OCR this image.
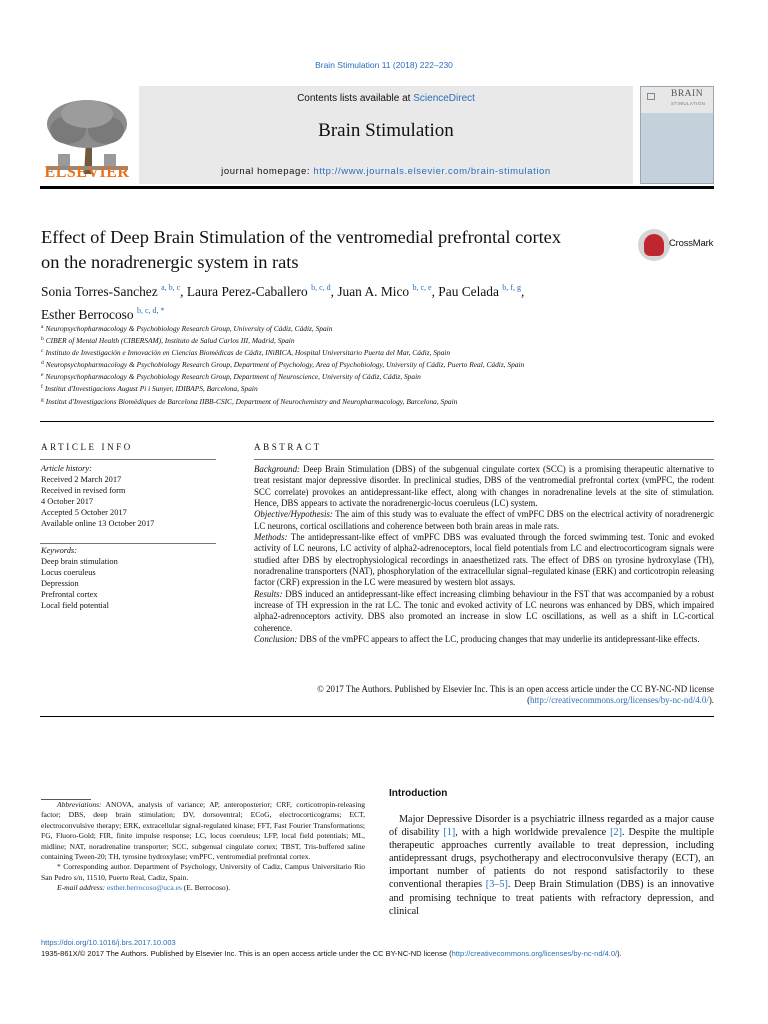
Brain Stimulation 11 (2018) 222–230
ELSEVIER
Contents lists available at ScienceDirect
Brain Stimulation
journal homepage: http://www.journals.elsevier.com/brain-stimulation
BRAIN
STIMULATION
Effect of Deep Brain Stimulation of the ventromedial prefrontal cortex
on the noradrenergic system in rats
CrossMark
Sonia Torres-Sanchez $^{a, b, c}$, Laura Perez-Caballero $^{b, c, d}$, Juan A. Mico $^{b, c, e}$, Pau Celada $^{b, f, g}$,
Esther Berrocoso $^{b, c, d, *}$
$^a$ Neuropsychopharmacology & Psychobiology Research Group, University of Cádiz, Cádiz, Spain
$^b$ CIBER of Mental Health (CIBERSAM), Instituto de Salud Carlos III, Madrid, Spain
$^c$ Instituto de Investigación e Innovación en Ciencias Biomédicas de Cádiz, INiBICA, Hospital Universitario Puerta del Mar, Cádiz, Spain
$^d$ Neuropsychopharmacology & Psychobiology Research Group, Department of Psychology, Area of Psychobiology, University of Cádiz, Puerto Real, Cádiz, Spain
$^e$ Neuropsychopharmacology & Psychobiology Research Group, Department of Neuroscience, University of Cádiz, Cádiz, Spain
$^f$ Institut d'Investigacions August Pi i Sunyer, IDIBAPS, Barcelona, Spain
$^g$ Institut d'Investigacions Biomèdiques de Barcelona IIBB-CSIC, Department of Neurochemistry and Neuropharmacology, Barcelona, Spain
ARTICLE INFO
Article history:
Received 2 March 2017
Received in revised form
4 October 2017
Accepted 5 October 2017
Available online 13 October 2017
Keywords:
Deep brain stimulation
Locus coeruleus
Depression
Prefrontal cortex
Local field potential
ABSTRACT

Background: Deep Brain Stimulation (DBS) of the subgenual cingulate cortex (SCC) is a promising therapeutic alternative to treat resistant major depressive disorder. In preclinical studies, DBS of the ventromedial prefrontal cortex (vmPFC, the rodent SCC correlate) provokes an antidepressant-like effect, along with changes in noradrenaline levels at the site of stimulation. Hence, DBS appears to activate the noradrenergic-locus coeruleus (LC) system.

Objective/Hypothesis: The aim of this study was to evaluate the effect of vmPFC DBS on the electrical activity of noradrenergic LC neurons, cortical oscillations and coherence between both brain areas in male rats.

Methods: The antidepressant-like effect of vmPFC DBS was evaluated through the forced swimming test. Tonic and evoked activity of LC neurons, LC activity of alpha2-adrenoceptors, local field potentials from LC and electrocorticogram signals were studied after DBS by electrophysiological recordings in anaesthetized rats. The effect of DBS on tyrosine hydroxylase (TH), noradrenaline transporters (NAT), phosphorylation of the extracellular signal–regulated kinase (ERK) and corticotropin releasing factor (CRF) expression in the LC were measured by western blot assays.

Results: DBS induced an antidepressant-like effect increasing climbing behaviour in the FST that was accompanied by a robust increase of TH expression in the rat LC. The tonic and evoked activity of LC neurons was enhanced by DBS, which impaired alpha2-adrenoceptors activity. DBS also promoted an increase in slow LC oscillations, as well as a shift in LC-cortical coherence.

Conclusion: DBS of the vmPFC appears to affect the LC, producing changes that may underlie its antidepressant-like effects.

© 2017 The Authors. Published by Elsevier Inc. This is an open access article under the CC BY-NC-ND license (http://creativecommons.org/licenses/by-nc-nd/4.0/).

Abbreviations: ANOVA, analysis of variance; AP, anteroposterior; CRF, corticotropin-releasing factor; DBS, deep brain stimulation; DV, dorsoventral; ECoG, electrocorticograms; ECT, electroconvulsive therapy; ERK, extracellular signal-regulated kinase; FFT, Fast Fourier Transformations; FG, Fluoro-Gold; FIR, finite impulse response; LC, locus coeruleus; LFP, local field potentials; ML, midline; NAT, noradrenaline transporter; SCC, subgenual cingulate cortex; TBST, Tris-buffered saline containing Tween-20; TH, tyrosine hydroxylase; vmPFC, ventromedial prefrontal cortex.

* Corresponding author. Department of Psychology, University of Cadiz, Campus Universitario Rio San Pedro s/n, 11510, Puerto Real, Cadiz, Spain.

E-mail address: esther.berrocoso@uca.es (E. Berrocoso).

Introduction
Major Depressive Disorder is a psychiatric illness regarded as a major cause of disability [1], with a high worldwide prevalence [2]. Despite the multiple therapeutic approaches currently available to treat depression, including antidepressant drugs, psychotherapy and electroconvulsive therapy (ECT), an important number of patients do not respond satisfactorily to these conventional therapies [3–5]. Deep Brain Stimulation (DBS) is an innovative and promising technique to treat patients with refractory depression, and clinical
https://doi.org/10.1016/j.brs.2017.10.003
1935-861X/© 2017 The Authors. Published by Elsevier Inc. This is an open access article under the CC BY-NC-ND license (http://creativecommons.org/licenses/by-nc-nd/4.0/).
